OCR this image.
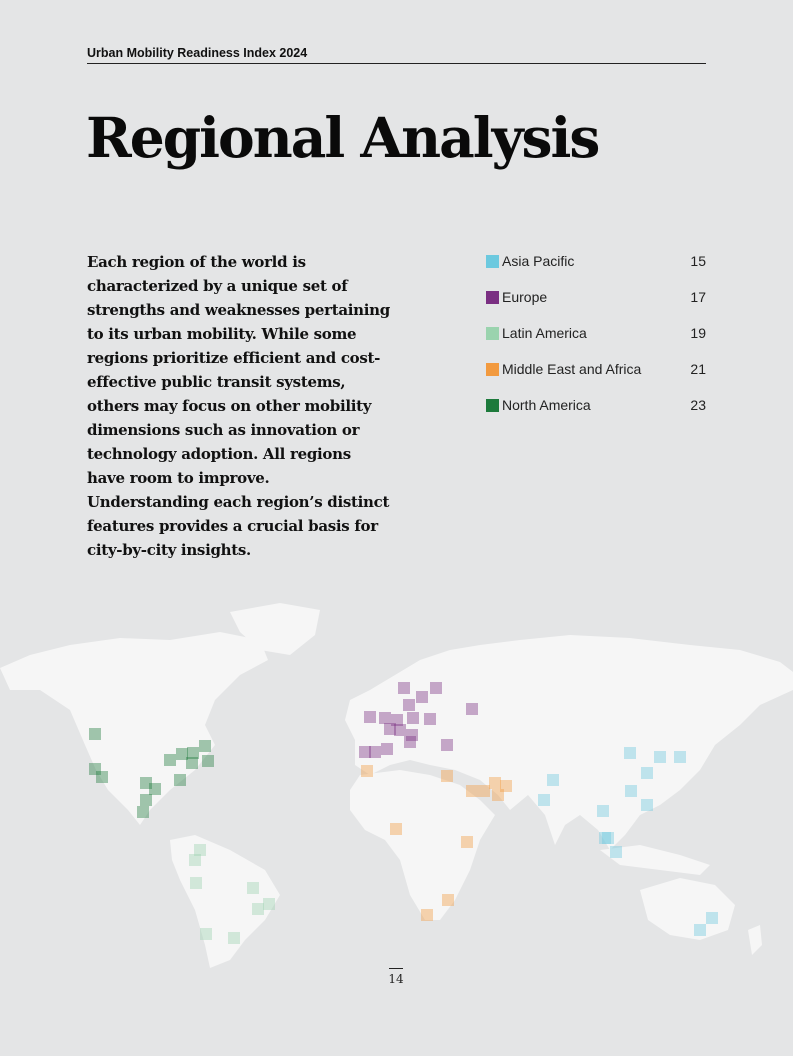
Urban Mobility Readiness Index 2024
Regional Analysis

Each region of the world is characterized by a unique set of strengths and weaknesses pertaining to its urban mobility. While some regions prioritize efficient and cost-effective public transit systems, others may focus on other mobility dimensions such as innovation or technology adoption. All regions have room to improve. Understanding each region’s distinct features provides a crucial basis for city-by-city insights.

Asia Pacific	15
Europe	17
Latin America	19
Middle East and Africa	21
North America	23
14
